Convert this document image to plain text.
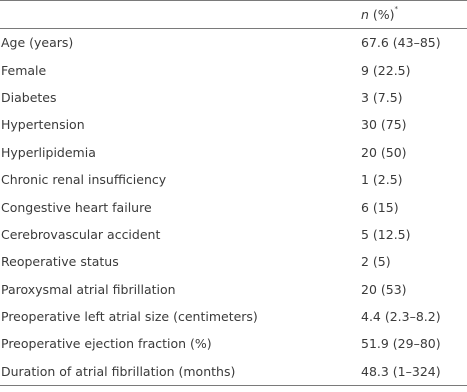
	n (%)*
Age (years)	67.6 (43–85)
Female	9 (22.5)
Diabetes	3 (7.5)
Hypertension	30 (75)
Hyperlipidemia	20 (50)
Chronic renal insufficiency	1 (2.5)
Congestive heart failure	6 (15)
Cerebrovascular accident	5 (12.5)
Reoperative status	2 (5)
Paroxysmal atrial fibrillation	20 (53)
Preoperative left atrial size (centimeters)	4.4 (2.3–8.2)
Preoperative ejection fraction (%)	51.9 (29–80)
Duration of atrial fibrillation (months)	48.3 (1–324)
